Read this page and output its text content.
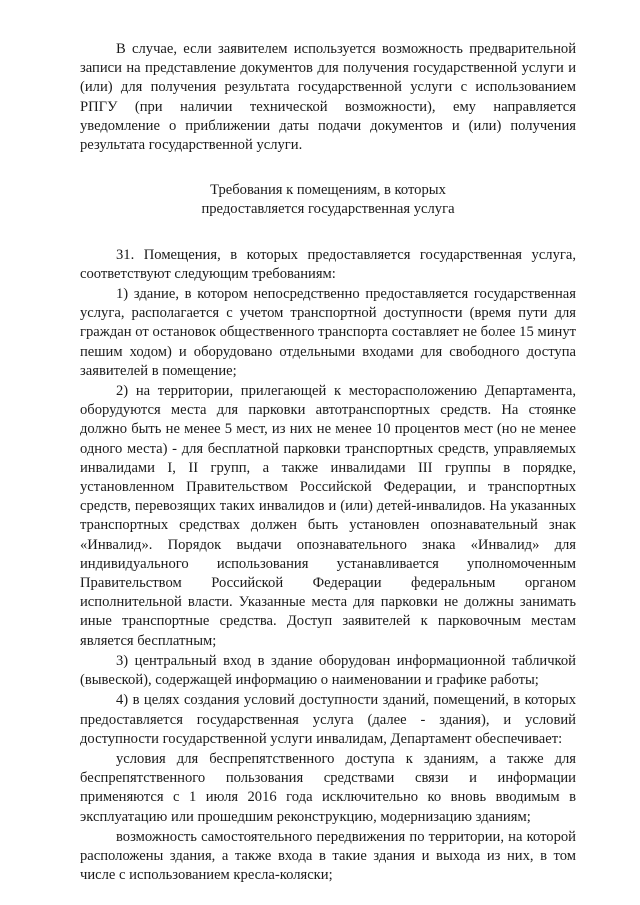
В случае, если заявителем используется возможность предварительной записи на представление документов для получения государственной услуги и (или) для получения результата государственной услуги с использованием РПГУ (при наличии технической возможности), ему направляется уведомление о приближении даты подачи документов и (или) получения результата государственной услуги.

Требования к помещениям, в которых
предоставляется государственная услуга

31. Помещения, в которых предоставляется государственная услуга, соответствуют следующим требованиям:

1) здание, в котором непосредственно предоставляется государственная услуга, располагается с учетом транспортной доступности (время пути для граждан от остановок общественного транспорта составляет не более 15 минут пешим ходом) и оборудовано отдельными входами для свободного доступа заявителей в помещение;

2) на территории, прилегающей к месторасположению Департамента, оборудуются места для парковки автотранспортных средств. На стоянке должно быть не менее 5 мест, из них не менее 10 процентов мест (но не менее одного места) - для бесплатной парковки транспортных средств, управляемых инвалидами I, II групп, а также инвалидами III группы в порядке, установленном Правительством Российской Федерации, и транспортных средств, перевозящих таких инвалидов и (или) детей-инвалидов. На указанных транспортных средствах должен быть установлен опознавательный знак «Инвалид». Порядок выдачи опознавательного знака «Инвалид» для индивидуального использования устанавливается уполномоченным Правительством Российской Федерации федеральным органом исполнительной власти. Указанные места для парковки не должны занимать иные транспортные средства. Доступ заявителей к парковочным местам является бесплатным;

3) центральный вход в здание оборудован информационной табличкой (вывеской), содержащей информацию о наименовании и графике работы;

4) в целях создания условий доступности зданий, помещений, в которых предоставляется государственная услуга (далее - здания), и условий доступности государственной услуги инвалидам, Департамент обеспечивает:

условия для беспрепятственного доступа к зданиям, а также для беспрепятственного пользования средствами связи и информации применяются с 1 июля 2016 года исключительно ко вновь вводимым в эксплуатацию или прошедшим реконструкцию, модернизацию зданиям;

возможность самостоятельного передвижения по территории, на которой расположены здания, а также входа в такие здания и выхода из них, в том числе с использованием кресла-коляски;
